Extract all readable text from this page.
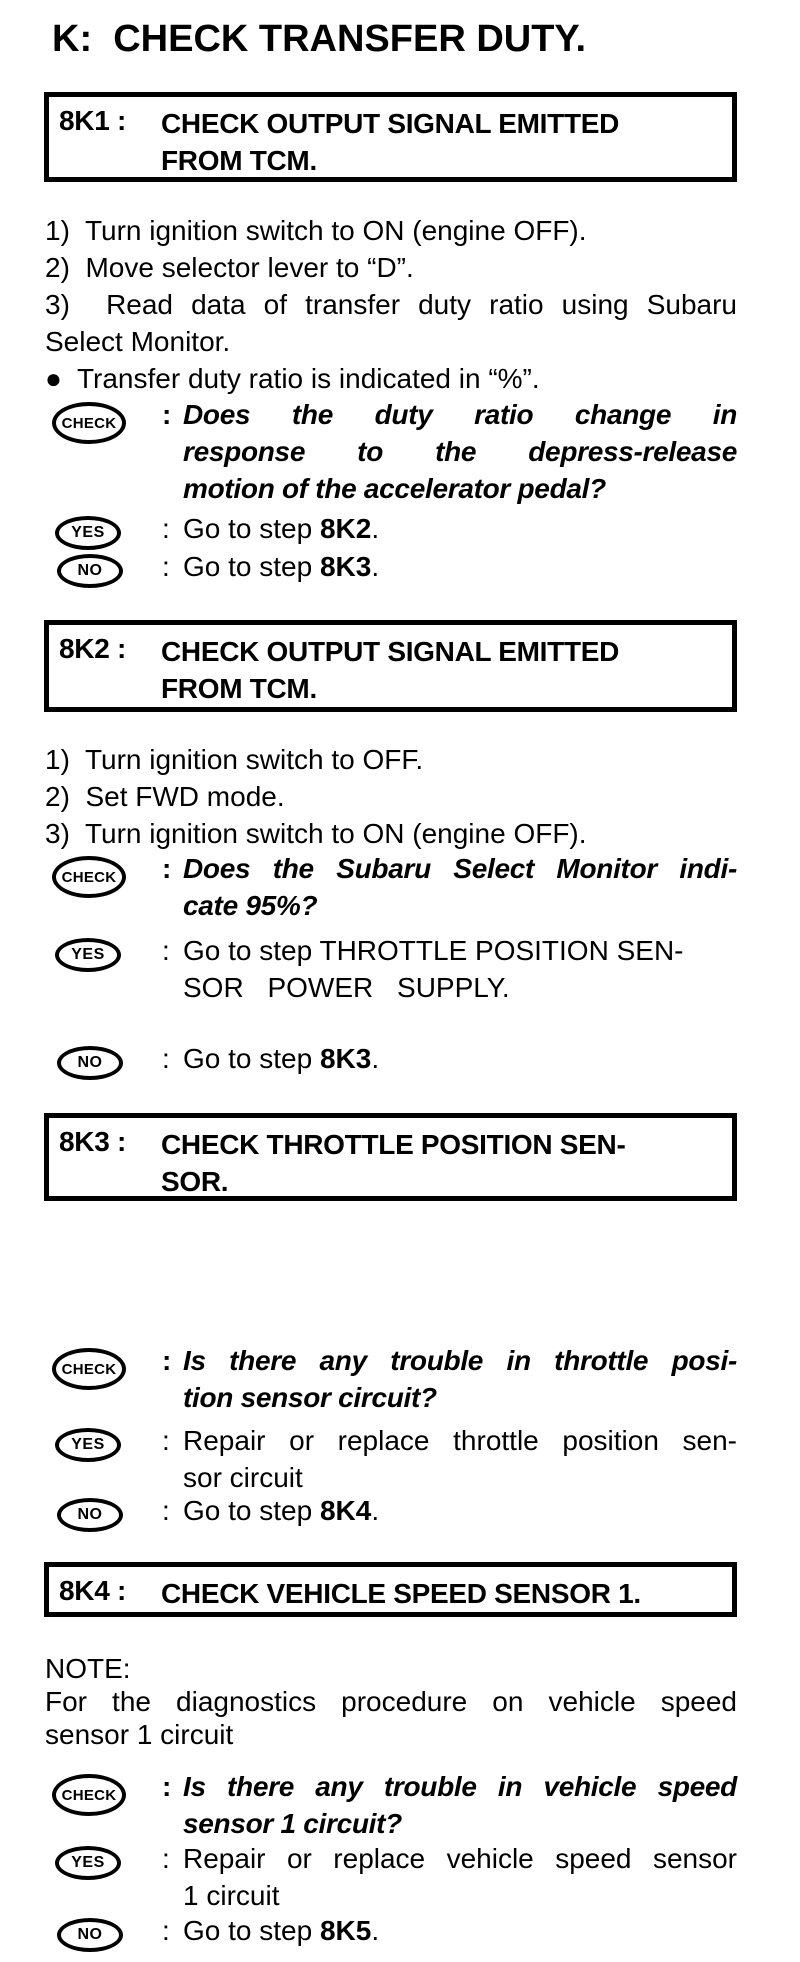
K:  CHECK TRANSFER DUTY.
8K1 :	CHECK OUTPUT SIGNAL EMITTED
FROM TCM.
1)  Turn ignition switch to ON (engine OFF).
2)  Move selector lever to “D”.
3)  Read data of transfer duty ratio using Subaru
Select Monitor.
●  Transfer duty ratio is indicated in “%”.
CHECK : Does the duty ratio change in
response to the depress-release
motion of the accelerator pedal?
YES : Go to step 8K2.
NO : Go to step 8K3.
8K2 :	CHECK OUTPUT SIGNAL EMITTED
FROM TCM.
1)  Turn ignition switch to OFF.
2)  Set FWD mode.
3)  Turn ignition switch to ON (engine OFF).
CHECK : Does the Subaru Select Monitor indi-
cate 95%?
YES : Go to step THROTTLE POSITION SEN-
SOR POWER SUPPLY.
NO : Go to step 8K3.
8K3 :	CHECK THROTTLE POSITION SEN-
SOR.
CHECK : Is there any trouble in throttle posi-
tion sensor circuit?
YES : Repair or replace throttle position sen-
sor circuit
NO : Go to step 8K4.
8K4 :	CHECK VEHICLE SPEED SENSOR 1.
NOTE:
For the diagnostics procedure on vehicle speed
sensor 1 circuit
CHECK : Is there any trouble in vehicle speed
sensor 1 circuit?
YES : Repair or replace vehicle speed sensor
1 circuit
NO : Go to step 8K5.
